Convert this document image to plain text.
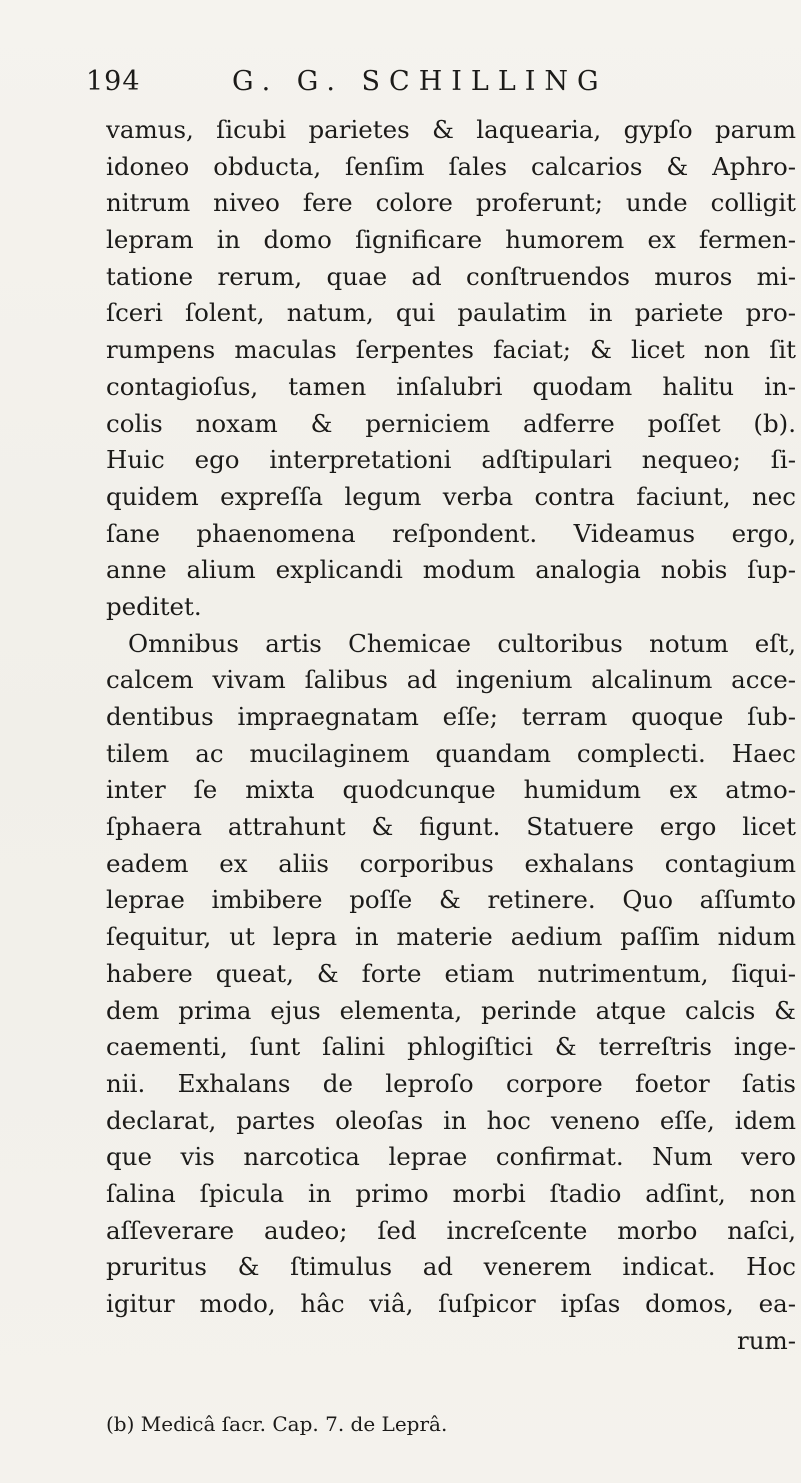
194	G. G. SCHILLING
vamus, ſicubi parietes & laquearia, gypſo parum
idoneo obducta, ſenſim ſales calcarios & Aphro-
nitrum niveo fere colore proferunt; unde colligit
lepram in domo ſignificare humorem ex fermen-
tatione rerum, quae ad conſtruendos muros mi-
ſceri ſolent, natum, qui paulatim in pariete pro-
rumpens maculas ſerpentes faciat; & licet non ſit
contagioſus, tamen inſalubri quodam halitu in-
colis noxam & perniciem adferre poſſet (b).
Huic ego interpretationi adſtipulari nequeo; ſi-
quidem expreſſa legum verba contra faciunt, nec
ſane phaenomena reſpondent. Videamus ergo,
anne alium explicandi modum analogia nobis ſup-
peditet.
Omnibus artis Chemicae cultoribus notum eſt,
calcem vivam ſalibus ad ingenium alcalinum acce-
dentibus impraegnatam eſſe; terram quoque ſub-
tilem ac mucilaginem quandam complecti. Haec
inter ſe mixta quodcunque humidum ex atmo-
ſphaera attrahunt & figunt. Statuere ergo licet
eadem ex aliis corporibus exhalans contagium
leprae imbibere poſſe & retinere. Quo aſſumto
ſequitur, ut lepra in materie aedium paſſim nidum
habere queat, & forte etiam nutrimentum, ſiqui-
dem prima ejus elementa, perinde atque calcis &
caementi, ſunt ſalini phlogiſtici & terreſtris inge-
nii. Exhalans de leproſo corpore foetor ſatis
declarat, partes oleoſas in hoc veneno eſſe, idem
que vis narcotica leprae confirmat. Num vero
ſalina ſpicula in primo morbi ſtadio adſint, non
aſſeverare audeo; ſed increſcente morbo naſci,
pruritus & ſtimulus ad venerem indicat. Hoc
igitur modo, hâc viâ, ſuſpicor ipſas domos, ea-
rum-
(b) Medicâ ſacr. Cap. 7. de Leprâ.
